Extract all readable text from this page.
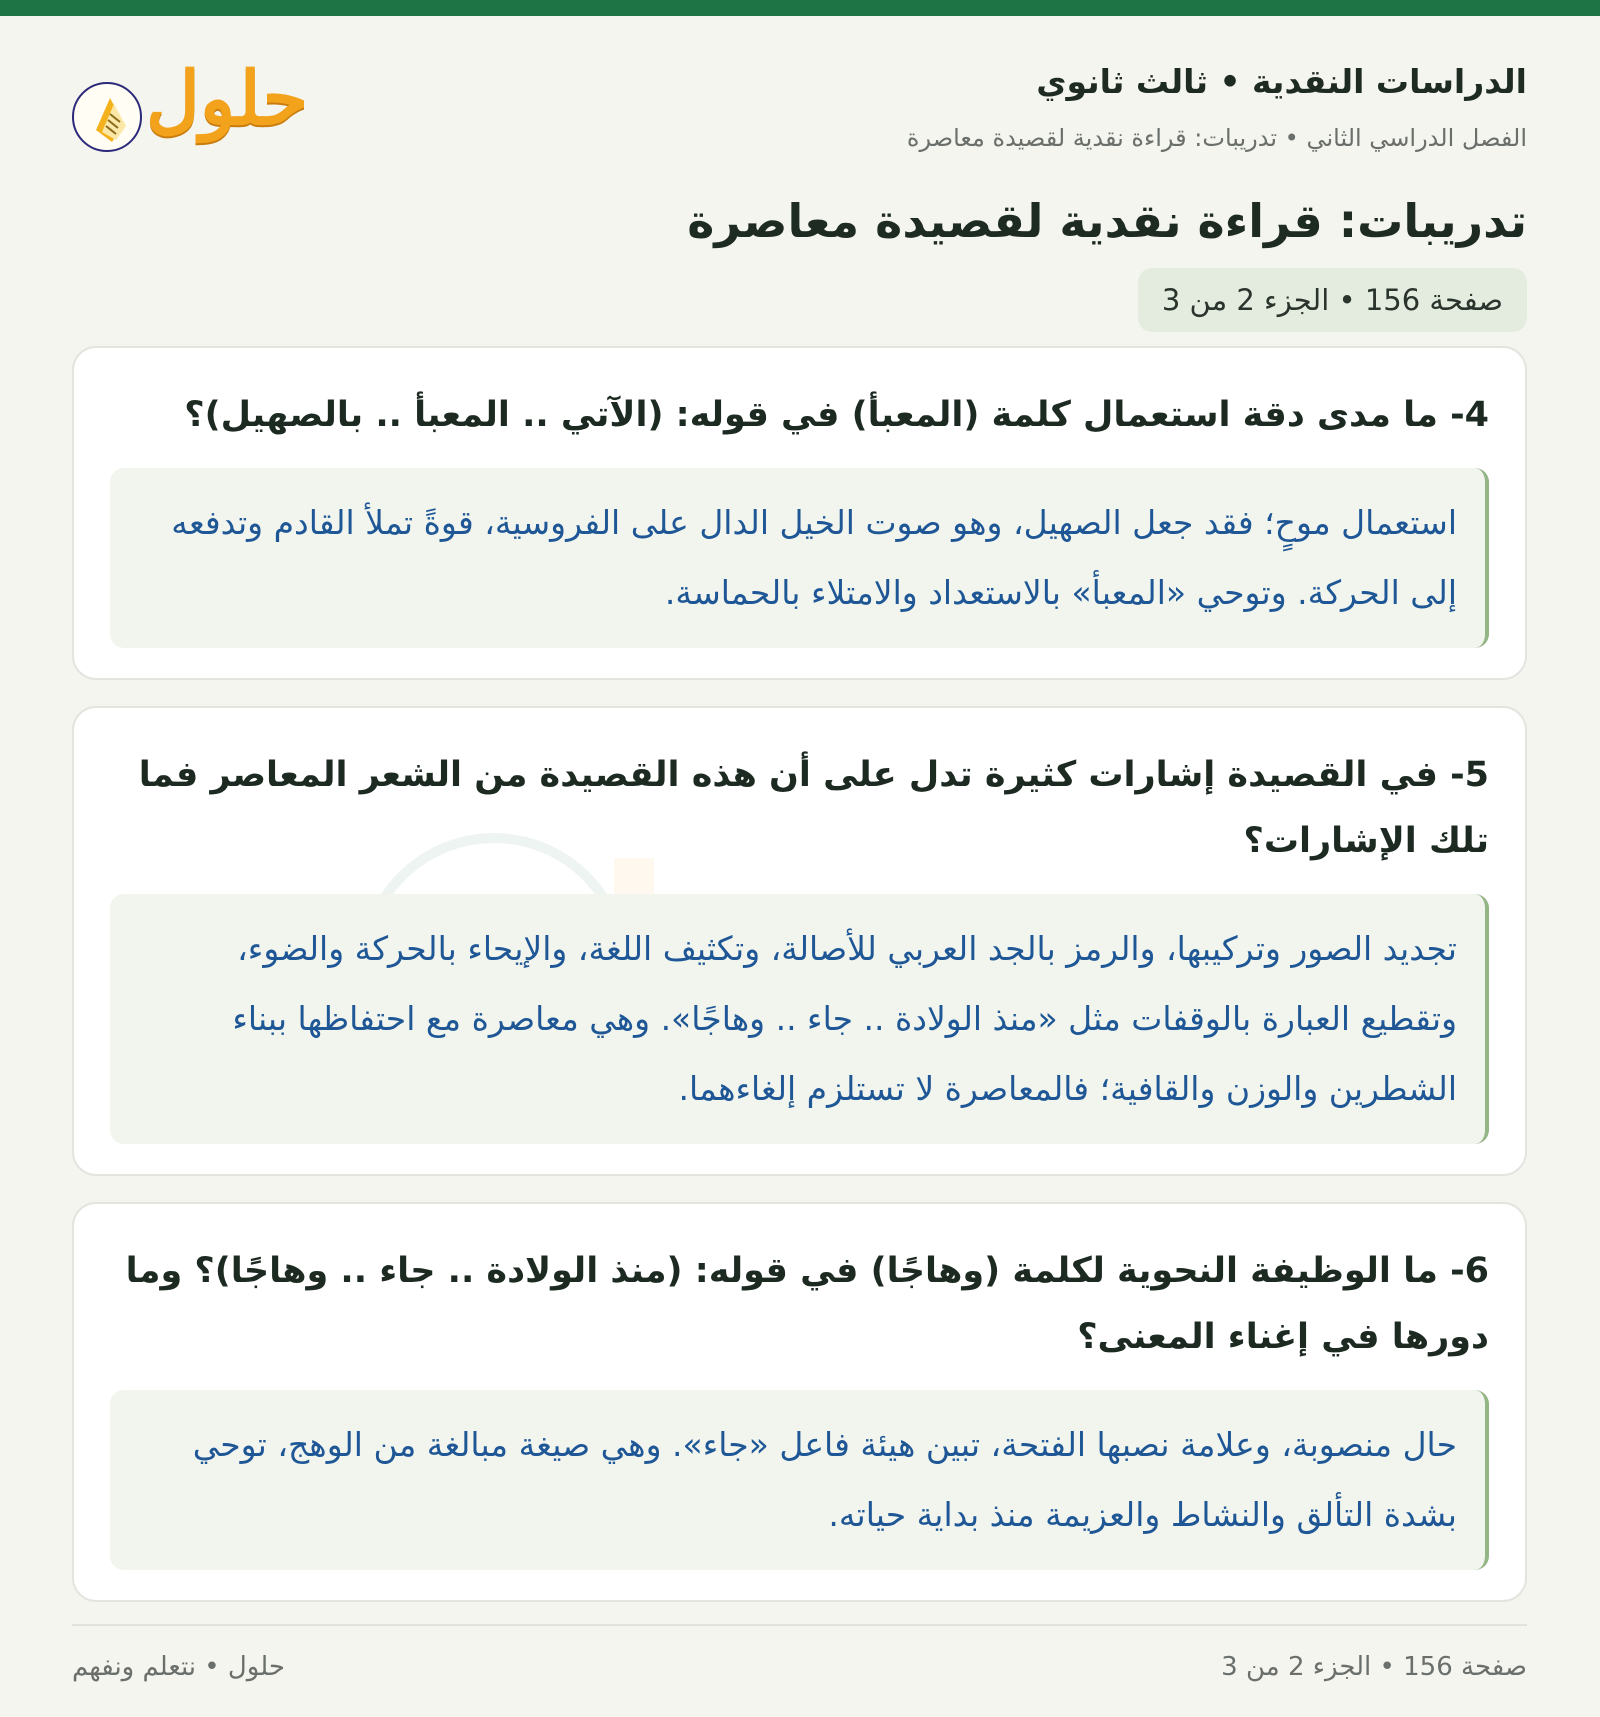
الدراسات النقدية • ثالث ثانوي
الفصل الدراسي الثاني • تدريبات: قراءة نقدية لقصيدة معاصرة
تدريبات: قراءة نقدية لقصيدة معاصرة
صفحة 156 • الجزء 2 من 3
حلول
4- ما مدى دقة استعمال كلمة (المعبأ) في قوله: (الآتي .. المعبأ .. بالصهيل)؟
استعمال موحٍ؛ فقد جعل الصهيل، وهو صوت الخيل الدال على الفروسية، قوةً تملأ القادم وتدفعه إلى الحركة. وتوحي «المعبأ» بالاستعداد والامتلاء بالحماسة.
5- في القصيدة إشارات كثيرة تدل على أن هذه القصيدة من الشعر المعاصر فما تلك الإشارات؟
تجديد الصور وتركيبها، والرمز بالجد العربي للأصالة، وتكثيف اللغة، والإيحاء بالحركة والضوء، وتقطيع العبارة بالوقفات مثل «منذ الولادة .. جاء .. وهاجًا». وهي معاصرة مع احتفاظها ببناء الشطرين والوزن والقافية؛ فالمعاصرة لا تستلزم إلغاءهما.
6- ما الوظيفة النحوية لكلمة (وهاجًا) في قوله: (منذ الولادة .. جاء .. وهاجًا)؟ وما دورها في إغناء المعنى؟
حال منصوبة، وعلامة نصبها الفتحة، تبين هيئة فاعل «جاء». وهي صيغة مبالغة من الوهج، توحي بشدة التألق والنشاط والعزيمة منذ بداية حياته.
صفحة 156 • الجزء 2 من 3
حلول • نتعلم ونفهم
